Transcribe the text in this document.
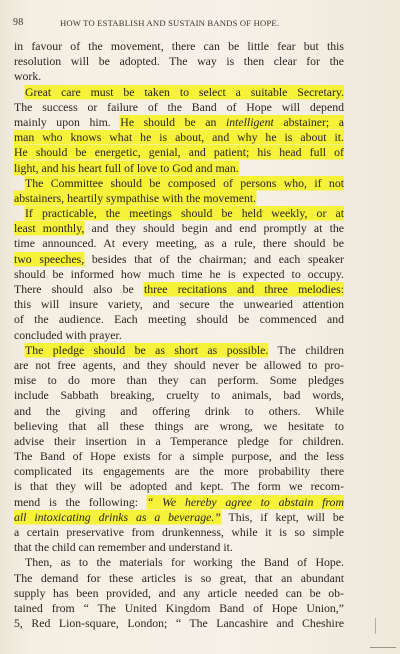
98	HOW TO ESTABLISH AND SUSTAIN BANDS OF HOPE.
in favour of the movement, there can be little fear but this
resolution will be adopted. The way is then clear for the
work.
Great care must be taken to select a suitable Secretary.
The success or failure of the Band of Hope will depend
mainly upon him. He should be an intelligent abstainer; a
man who knows what he is about, and why he is about it.
He should be energetic, genial, and patient; his head full of
light, and his heart full of love to God and man.
The Committee should be composed of persons who, if not
abstainers, heartily sympathise with the movement.
If practicable, the meetings should be held weekly, or at
least monthly, and they should begin and end promptly at the
time announced. At every meeting, as a rule, there should be
two speeches, besides that of the chairman; and each speaker
should be informed how much time he is expected to occupy.
There should also be three recitations and three melodies:
this will insure variety, and secure the unwearied attention
of the audience. Each meeting should be commenced and
concluded with prayer.
The pledge should be as short as possible. The children
are not free agents, and they should never be allowed to pro-
mise to do more than they can perform. Some pledges
include Sabbath breaking, cruelty to animals, bad words,
and the giving and offering drink to others. While
believing that all these things are wrong, we hesitate to
advise their insertion in a Temperance pledge for children.
The Band of Hope exists for a simple purpose, and the less
complicated its engagements are the more probability there
is that they will be adopted and kept. The form we recom-
mend is the following: “ We hereby agree to abstain from
all intoxicating drinks as a beverage.” This, if kept, will be
a certain preservative from drunkenness, while it is so simple
that the child can remember and understand it.
Then, as to the materials for working the Band of Hope.
The demand for these articles is so great, that an abundant
supply has been provided, and any article needed can be ob-
tained from “ The United Kingdom Band of Hope Union,”
5, Red Lion-square, London; “ The Lancashire and Cheshire
